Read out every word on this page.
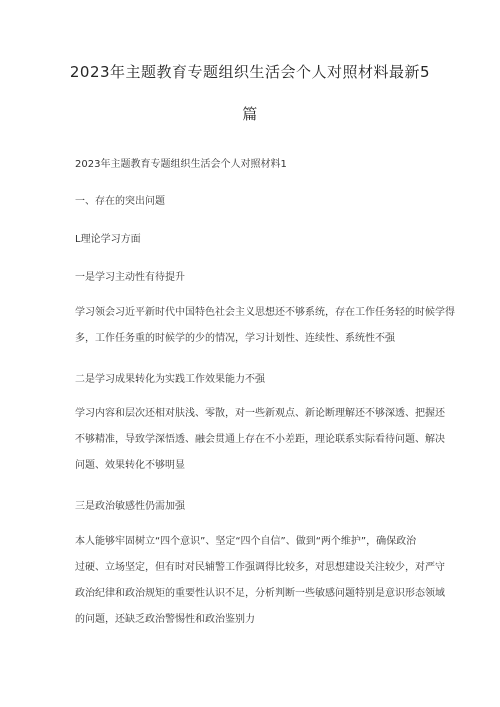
2023年主题教育专题组织生活会个人对照材料最新5
篇
2023年主题教育专题组织生活会个人对照材料1
一、存在的突出问题
L理论学习方面
一是学习主动性有待提升
学习领会习近平新时代中国特色社会主义思想还不够系统，存在工作任务轻的时候学得
多，工作任务重的时候学的少的情况，学习计划性、连续性、系统性不强
二是学习成果转化为实践工作效果能力不强
学习内容和层次还相对肤浅、零散，对一些新观点、新论断理解还不够深透、把握还
不够精准，导致学深悟透、融会贯通上存在不小差距，理论联系实际看待问题、解决
问题、效果转化不够明显
三是政治敏感性仍需加强
本人能够牢固树立“四个意识”、坚定“四个自信”、做到“两个维护”，确保政治
过硬、立场坚定，但有时对民辅警工作强调得比较多，对思想建设关注较少，对严守
政治纪律和政治规矩的重要性认识不足，分析判断一些敏感问题特别是意识形态领域
的问题，还缺乏政治警惕性和政治鉴别力
